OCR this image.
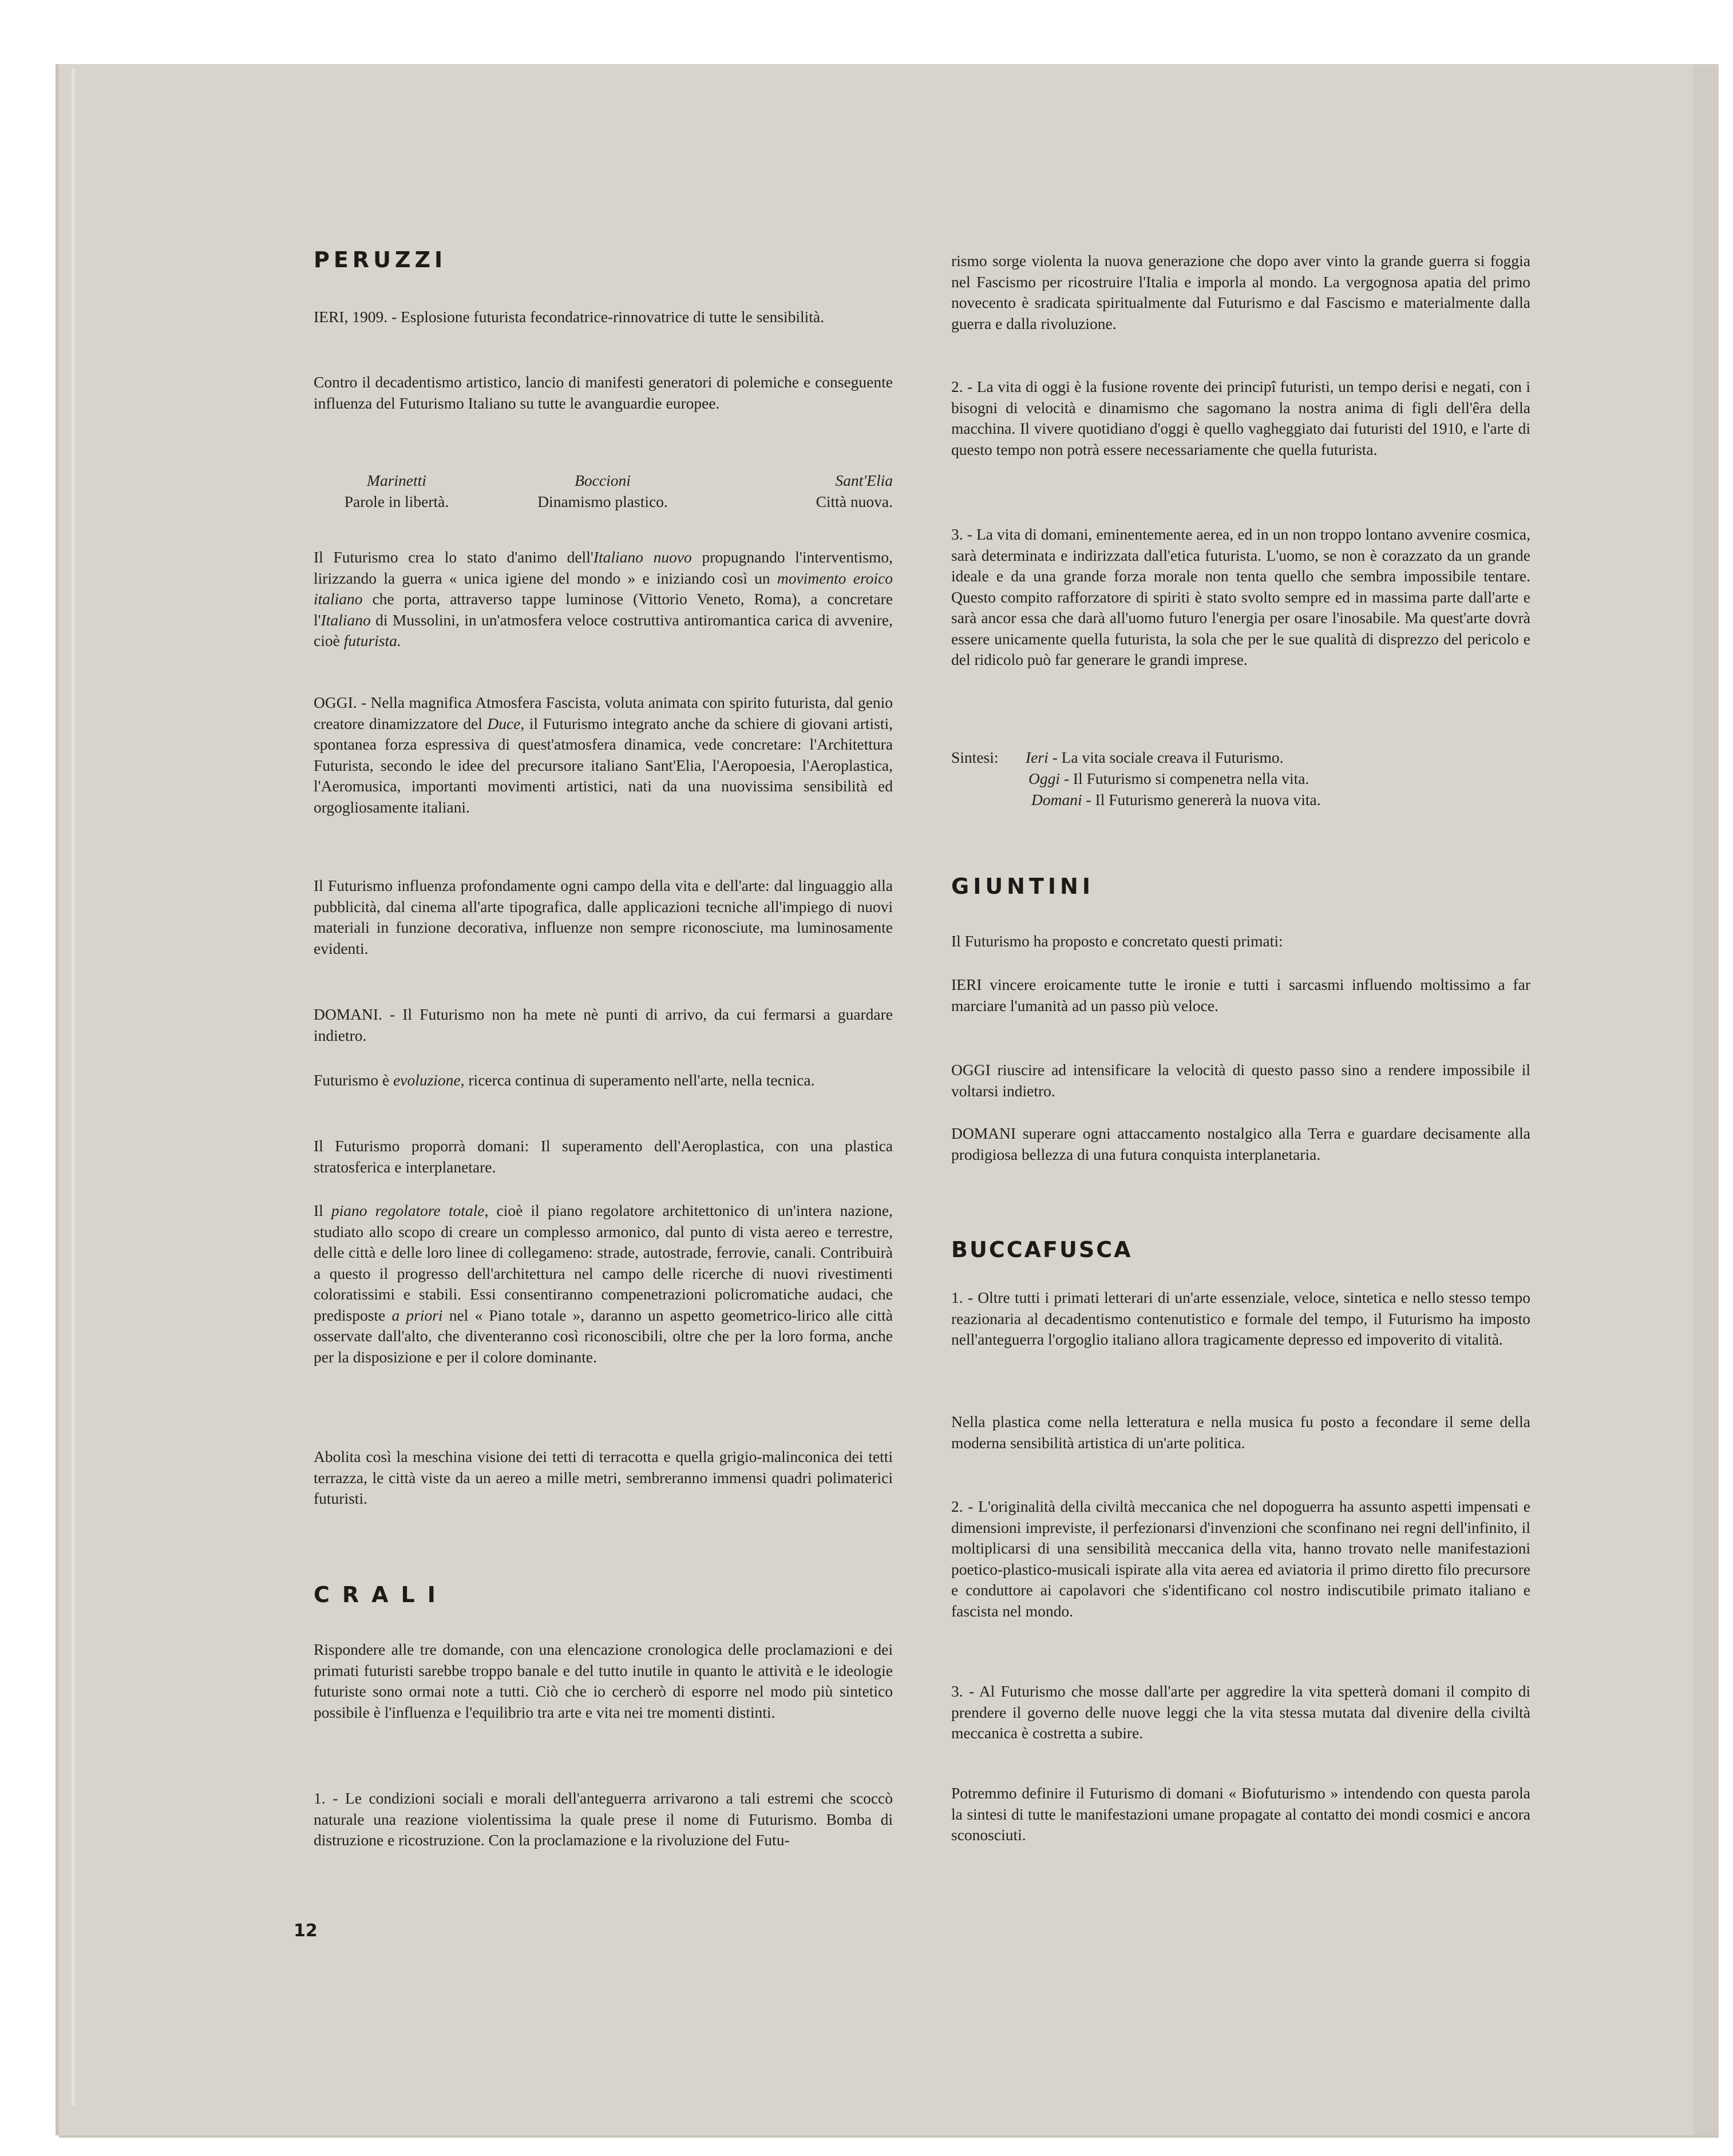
PERUZZI

IERI, 1909. - Esplosione futurista fecondatrice-rinnovatrice di tutte le sensibilità.

Contro il decadentismo artistico, lancio di manifesti generatori di polemiche e conseguente influenza del Futurismo Italiano su tutte le avanguardie europee.

Marinetti
Parole in libertà.
Boccioni
Dinamismo plastico.
Sant'Elia
Città nuova.

Il Futurismo crea lo stato d'animo dell'Italiano nuovo propugnando l'interventismo, lirizzando la guerra « unica igiene del mondo » e iniziando così un movimento eroico italiano che porta, attraverso tappe luminose (Vittorio Veneto, Roma), a concretare l'Italiano di Mussolini, in un'atmosfera veloce costruttiva antiromantica carica di avvenire, cioè futurista.

OGGI. - Nella magnifica Atmosfera Fascista, voluta animata con spirito futurista, dal genio creatore dinamizzatore del Duce, il Futurismo integrato anche da schiere di giovani artisti, spontanea forza espressiva di quest'atmosfera dinamica, vede concretare: l'Architettura Futurista, secondo le idee del precursore italiano Sant'Elia, l'Aeropoesia, l'Aeroplastica, l'Aeromusica, importanti movimenti artistici, nati da una nuovissima sensibilità ed orgogliosamente italiani.

Il Futurismo influenza profondamente ogni campo della vita e dell'arte: dal linguaggio alla pubblicità, dal cinema all'arte tipografica, dalle applicazioni tecniche all'impiego di nuovi materiali in funzione decorativa, influenze non sempre riconosciute, ma luminosamente evidenti.

DOMANI. - Il Futurismo non ha mete nè punti di arrivo, da cui fermarsi a guardare indietro.

Futurismo è evoluzione, ricerca continua di superamento nell'arte, nella tecnica.

Il Futurismo proporrà domani: Il superamento dell'Aeroplastica, con una plastica stratosferica e interplanetare.

Il piano regolatore totale, cioè il piano regolatore architettonico di un'intera nazione, studiato allo scopo di creare un complesso armonico, dal punto di vista aereo e terrestre, delle città e delle loro linee di collegameno: strade, autostrade, ferrovie, canali. Contribuirà a questo il progresso dell'architettura nel campo delle ricerche di nuovi rivestimenti coloratissimi e stabili. Essi consentiranno compenetrazioni policromatiche audaci, che predisposte a priori nel « Piano totale », daranno un aspetto geometrico-lirico alle città osservate dall'alto, che diventeranno così riconoscibili, oltre che per la loro forma, anche per la disposizione e per il colore dominante.

Abolita così la meschina visione dei tetti di terracotta e quella grigio-malinconica dei tetti terrazza, le città viste da un aereo a mille metri, sembreranno immensi quadri polimaterici futuristi.

CRALI

Rispondere alle tre domande, con una elencazione cronologica delle proclamazioni e dei primati futuristi sarebbe troppo banale e del tutto inutile in quanto le attività e le ideologie futuriste sono ormai note a tutti. Ciò che io cercherò di esporre nel modo più sintetico possibile è l'influenza e l'equilibrio tra arte e vita nei tre momenti distinti.

1. - Le condizioni sociali e morali dell'anteguerra arrivarono a tali estremi che scoccò naturale una reazione violentissima la quale prese il nome di Futurismo. Bomba di distruzione e ricostruzione. Con la proclamazione e la rivoluzione del Futu-

rismo sorge violenta la nuova generazione che dopo aver vinto la grande guerra si foggia nel Fascismo per ricostruire l'Italia e imporla al mondo. La vergognosa apatia del primo novecento è sradicata spiritualmente dal Futurismo e dal Fascismo e materialmente dalla guerra e dalla rivoluzione.

2. - La vita di oggi è la fusione rovente dei principî futuristi, un tempo derisi e negati, con i bisogni di velocità e dinamismo che sagomano la nostra anima di figli dell'êra della macchina. Il vivere quotidiano d'oggi è quello vagheggiato dai futuristi del 1910, e l'arte di questo tempo non potrà essere necessariamente che quella futurista.

3. - La vita di domani, eminentemente aerea, ed in un non troppo lontano avvenire cosmica, sarà determinata e indirizzata dall'etica futurista. L'uomo, se non è corazzato da un grande ideale e da una grande forza morale non tenta quello che sembra impossibile tentare. Questo compito rafforzatore di spiriti è stato svolto sempre ed in massima parte dall'arte e sarà ancor essa che darà all'uomo futuro l'energia per osare l'inosabile. Ma quest'arte dovrà essere unicamente quella futurista, la sola che per le sue qualità di disprezzo del pericolo e del ridicolo può far generare le grandi imprese.

Sintesi: Ieri - La vita sociale creava il Futurismo.
Oggi - Il Futurismo si compenetra nella vita.
Domani - Il Futurismo genererà la nuova vita.
GIUNTINI

Il Futurismo ha proposto e concretato questi primati:

IERI vincere eroicamente tutte le ironie e tutti i sarcasmi influendo moltissimo a far marciare l'umanità ad un passo più veloce.

OGGI riuscire ad intensificare la velocità di questo passo sino a rendere impossibile il voltarsi indietro.

DOMANI superare ogni attaccamento nostalgico alla Terra e guardare decisamente alla prodigiosa bellezza di una futura conquista interplanetaria.

BUCCAFUSCA

1. - Oltre tutti i primati letterari di un'arte essenziale, veloce, sintetica e nello stesso tempo reazionaria al decadentismo contenutistico e formale del tempo, il Futurismo ha imposto nell'anteguerra l'orgoglio italiano allora tragicamente depresso ed impoverito di vitalità.

Nella plastica come nella letteratura e nella musica fu posto a fecondare il seme della moderna sensibilità artistica di un'arte politica.

2. - L'originalità della civiltà meccanica che nel dopoguerra ha assunto aspetti impensati e dimensioni impreviste, il perfezionarsi d'invenzioni che sconfinano nei regni dell'infinito, il moltiplicarsi di una sensibilità meccanica della vita, hanno trovato nelle manifestazioni poetico-plastico-musicali ispirate alla vita aerea ed aviatoria il primo diretto filo precursore e conduttore ai capolavori che s'identificano col nostro indiscutibile primato italiano e fascista nel mondo.

3. - Al Futurismo che mosse dall'arte per aggredire la vita spetterà domani il compito di prendere il governo delle nuove leggi che la vita stessa mutata dal divenire della civiltà meccanica è costretta a subire.

Potremmo definire il Futurismo di domani « Biofuturismo » intendendo con questa parola la sintesi di tutte le manifestazioni umane propagate al contatto dei mondi cosmici e ancora sconosciuti.

12
